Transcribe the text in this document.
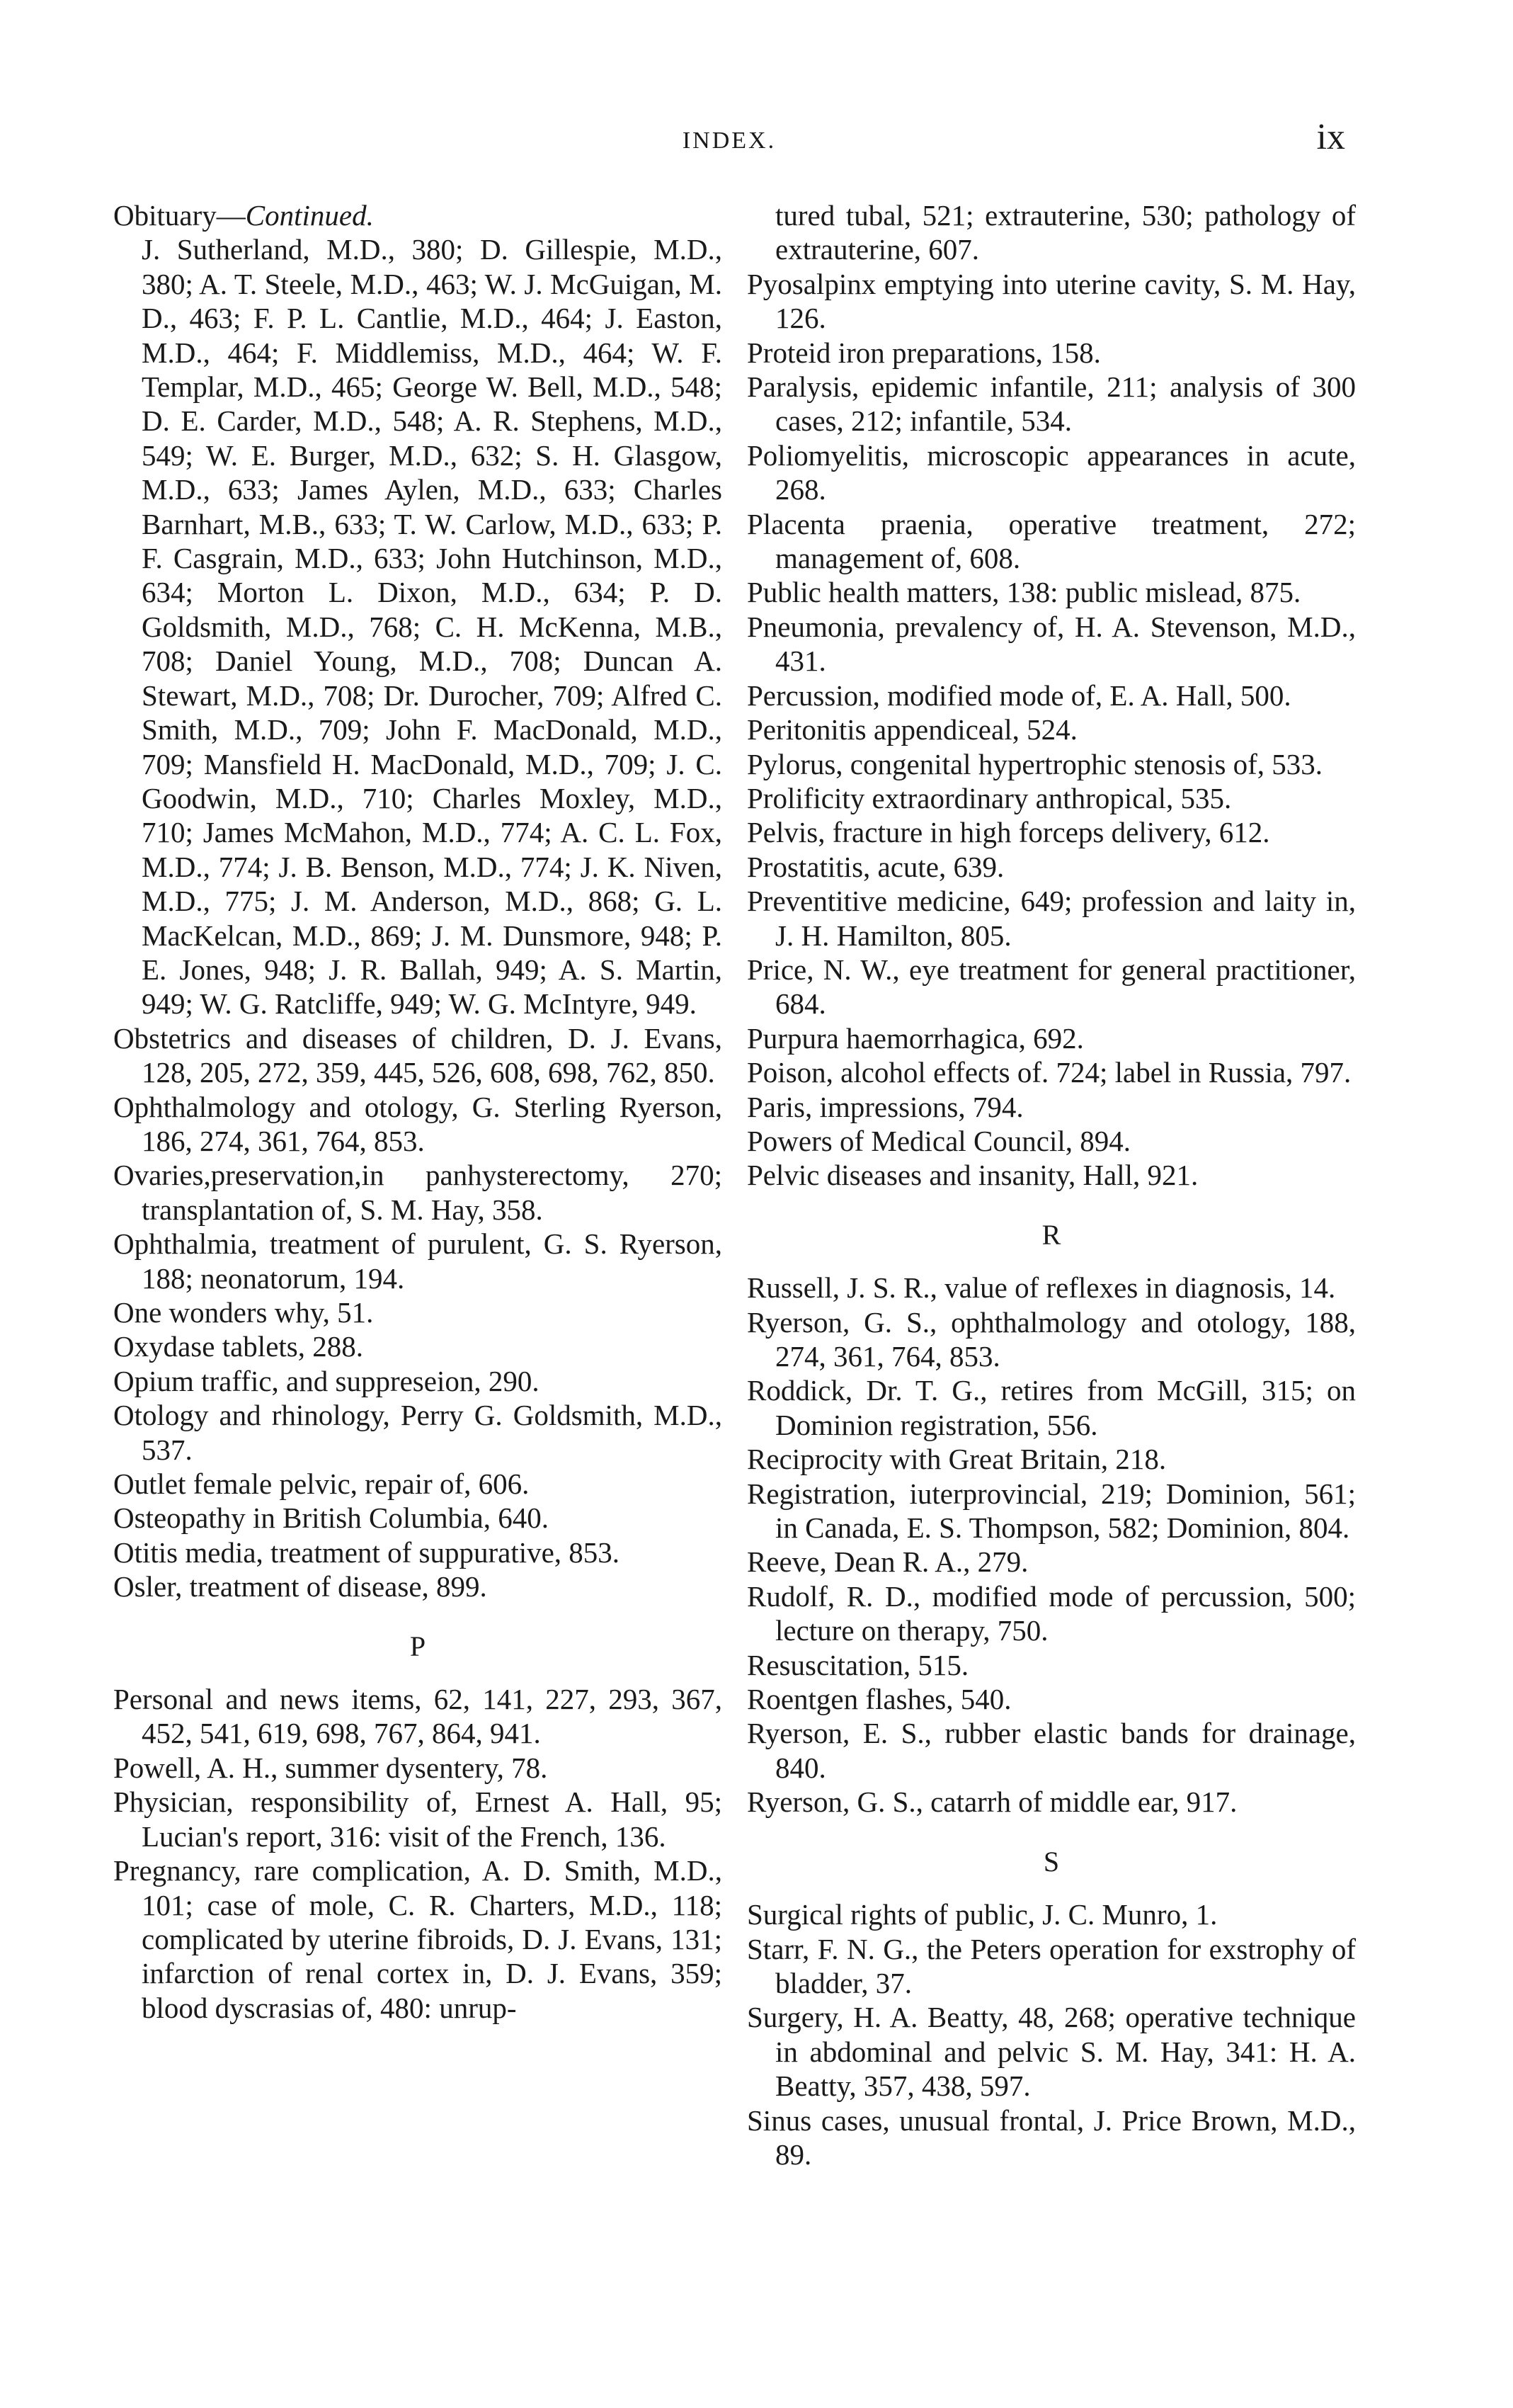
INDEX.	ix

Obituary—Continued.

J. Sutherland, M.D., 380; D. Gillespie, M.D., 380; A. T. Steele, M.D., 463; W. J. McGuigan, M. D., 463; F. P. L. Cantlie, M.D., 464; J. Easton, M.D., 464; F. Middlemiss, M.D., 464; W. F. Templar, M.D., 465; George W. Bell, M.D., 548; D. E. Carder, M.D., 548; A. R. Stephens, M.D., 549; W. E. Burger, M.D., 632; S. H. Glasgow, M.D., 633; James Aylen, M.D., 633; Charles Barnhart, M.B., 633; T. W. Carlow, M.D., 633; P. F. Casgrain, M.D., 633; John Hutchinson, M.D., 634; Morton L. Dixon, M.D., 634; P. D. Goldsmith, M.D., 768; C. H. McKenna, M.B., 708; Daniel Young, M.D., 708; Duncan A. Stewart, M.D., 708; Dr. Durocher, 709; Alfred C. Smith, M.D., 709; John F. MacDonald, M.D., 709; Mansfield H. MacDonald, M.D., 709; J. C. Goodwin, M.D., 710; Charles Moxley, M.D., 710; James McMahon, M.D., 774; A. C. L. Fox, M.D., 774; J. B. Benson, M.D., 774; J. K. Niven, M.D., 775; J. M. Anderson, M.D., 868; G. L. MacKelcan, M.D., 869; J. M. Dunsmore, 948; P. E. Jones, 948; J. R. Ballah, 949; A. S. Martin, 949; W. G. Ratcliffe, 949; W. G. McIntyre, 949.

Obstetrics and diseases of children, D. J. Evans, 128, 205, 272, 359, 445, 526, 608, 698, 762, 850.

Ophthalmology and otology, G. Sterling Ryerson, 186, 274, 361, 764, 853.

Ovaries,preservation,in panhysterectomy, 270; transplantation of, S. M. Hay, 358.

Ophthalmia, treatment of purulent, G. S. Ryerson, 188; neonatorum, 194.

One wonders why, 51.

Oxydase tablets, 288.

Opium traffic, and suppreseion, 290.

Otology and rhinology, Perry G. Goldsmith, M.D., 537.

Outlet female pelvic, repair of, 606.

Osteopathy in British Columbia, 640.

Otitis media, treatment of suppurative, 853.

Osler, treatment of disease, 899.

P

Personal and news items, 62, 141, 227, 293, 367, 452, 541, 619, 698, 767, 864, 941.

Powell, A. H., summer dysentery, 78.

Physician, responsibility of, Ernest A. Hall, 95; Lucian's report, 316: visit of the French, 136.

Pregnancy, rare complication, A. D. Smith, M.D., 101; case of mole, C. R. Charters, M.D., 118; complicated by uterine fibroids, D. J. Evans, 131; infarction of renal cortex in, D. J. Evans, 359; blood dyscrasias of, 480: unrup-

tured tubal, 521; extrauterine, 530; pathology of extrauterine, 607.

Pyosalpinx emptying into uterine cavity, S. M. Hay, 126.

Proteid iron preparations, 158.

Paralysis, epidemic infantile, 211; analysis of 300 cases, 212; infantile, 534.

Poliomyelitis, microscopic appearances in acute, 268.

Placenta praenia, operative treatment, 272; management of, 608.

Public health matters, 138: public mislead, 875.

Pneumonia, prevalency of, H. A. Stevenson, M.D., 431.

Percussion, modified mode of, E. A. Hall, 500.

Peritonitis appendiceal, 524.

Pylorus, congenital hypertrophic stenosis of, 533.

Prolificity extraordinary anthropical, 535.

Pelvis, fracture in high forceps delivery, 612.

Prostatitis, acute, 639.

Preventitive medicine, 649; profession and laity in, J. H. Hamilton, 805.

Price, N. W., eye treatment for general practitioner, 684.

Purpura haemorrhagica, 692.

Poison, alcohol effects of. 724; label in Russia, 797.

Paris, impressions, 794.

Powers of Medical Council, 894.

Pelvic diseases and insanity, Hall, 921.

R

Russell, J. S. R., value of reflexes in diagnosis, 14.

Ryerson, G. S., ophthalmology and otology, 188, 274, 361, 764, 853.

Roddick, Dr. T. G., retires from McGill, 315; on Dominion registration, 556.

Reciprocity with Great Britain, 218.

Registration, iuterprovincial, 219; Dominion, 561; in Canada, E. S. Thompson, 582; Dominion, 804.

Reeve, Dean R. A., 279.

Rudolf, R. D., modified mode of percussion, 500; lecture on therapy, 750.

Resuscitation, 515.

Roentgen flashes, 540.

Ryerson, E. S., rubber elastic bands for drainage, 840.

Ryerson, G. S., catarrh of middle ear, 917.

S

Surgical rights of public, J. C. Munro, 1.

Starr, F. N. G., the Peters operation for exstrophy of bladder, 37.

Surgery, H. A. Beatty, 48, 268; operative technique in abdominal and pelvic S. M. Hay, 341: H. A. Beatty, 357, 438, 597.

Sinus cases, unusual frontal, J. Price Brown, M.D., 89.
